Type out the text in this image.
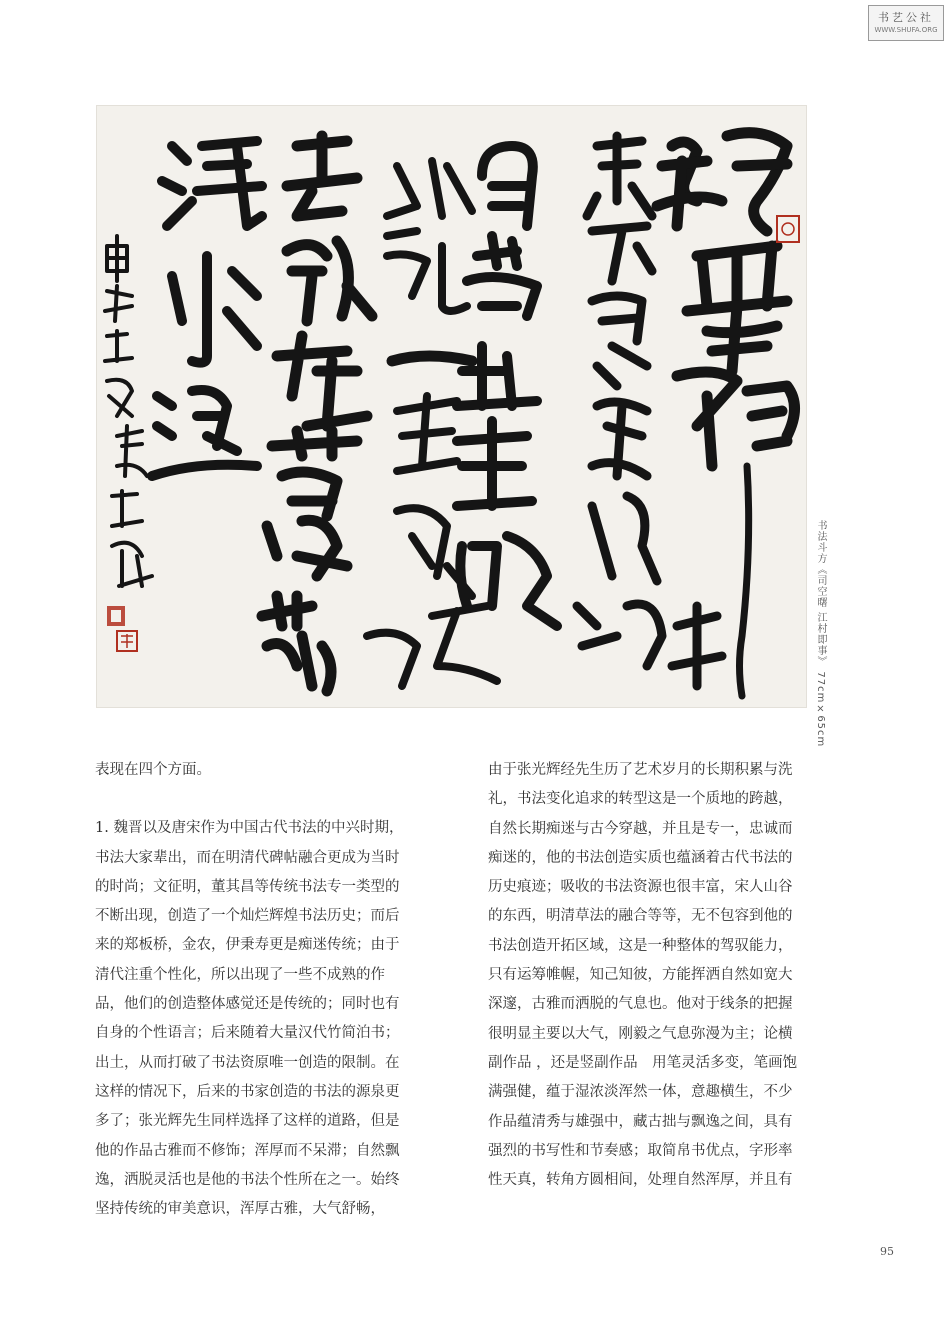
书艺公社
WWW.SHUFA.ORG
书法斗方《司空曙 江村即事》 77cm×65cm

表现在四个方面。

1. 魏晋以及唐宋作为中国古代书法的中兴时期，

书法大家辈出，而在明清代碑帖融合更成为当时

的时尚；文征明，董其昌等传统书法专一类型的

不断出现，创造了一个灿烂辉煌书法历史；而后

来的郑板桥，金农，伊秉寿更是痴迷传统；由于

清代注重个性化，所以出现了一些不成熟的作

品，他们的创造整体感觉还是传统的；同时也有

自身的个性语言；后来随着大量汉代竹简泊书；

出土，从而打破了书法资原唯一创造的限制。在

这样的情况下，后来的书家创造的书法的源泉更

多了；张光辉先生同样选择了这样的道路，但是

他的作品古雅而不修饰；浑厚而不呆滞；自然飘

逸，洒脱灵活也是他的书法个性所在之一。始终

坚持传统的审美意识，浑厚古雅，大气舒畅，

由于张光辉经先生历了艺术岁月的长期积累与洗

礼，书法变化追求的转型这是一个质地的跨越，

自然长期痴迷与古今穿越，并且是专一，忠诚而

痴迷的，他的书法创造实质也蕴涵着古代书法的

历史痕迹；吸收的书法资源也很丰富，宋人山谷

的东西，明清草法的融合等等，无不包容到他的

书法创造开拓区域，这是一种整体的驾驭能力，

只有运筹帷幄，知己知彼，方能挥洒自然如宽大

深邃，古雅而洒脱的气息也。他对于线条的把握

很明显主要以大气，刚毅之气息弥漫为主；论横

副作品 ，还是竖副作品　用笔灵活多变，笔画饱

满强健，蕴于湿浓淡浑然一体，意趣横生，不少

作品蕴清秀与雄强中，藏古拙与飘逸之间，具有

强烈的书写性和节奏感；取简帛书优点，字形率

性天真，转角方圆相间，处理自然浑厚，并且有

95
